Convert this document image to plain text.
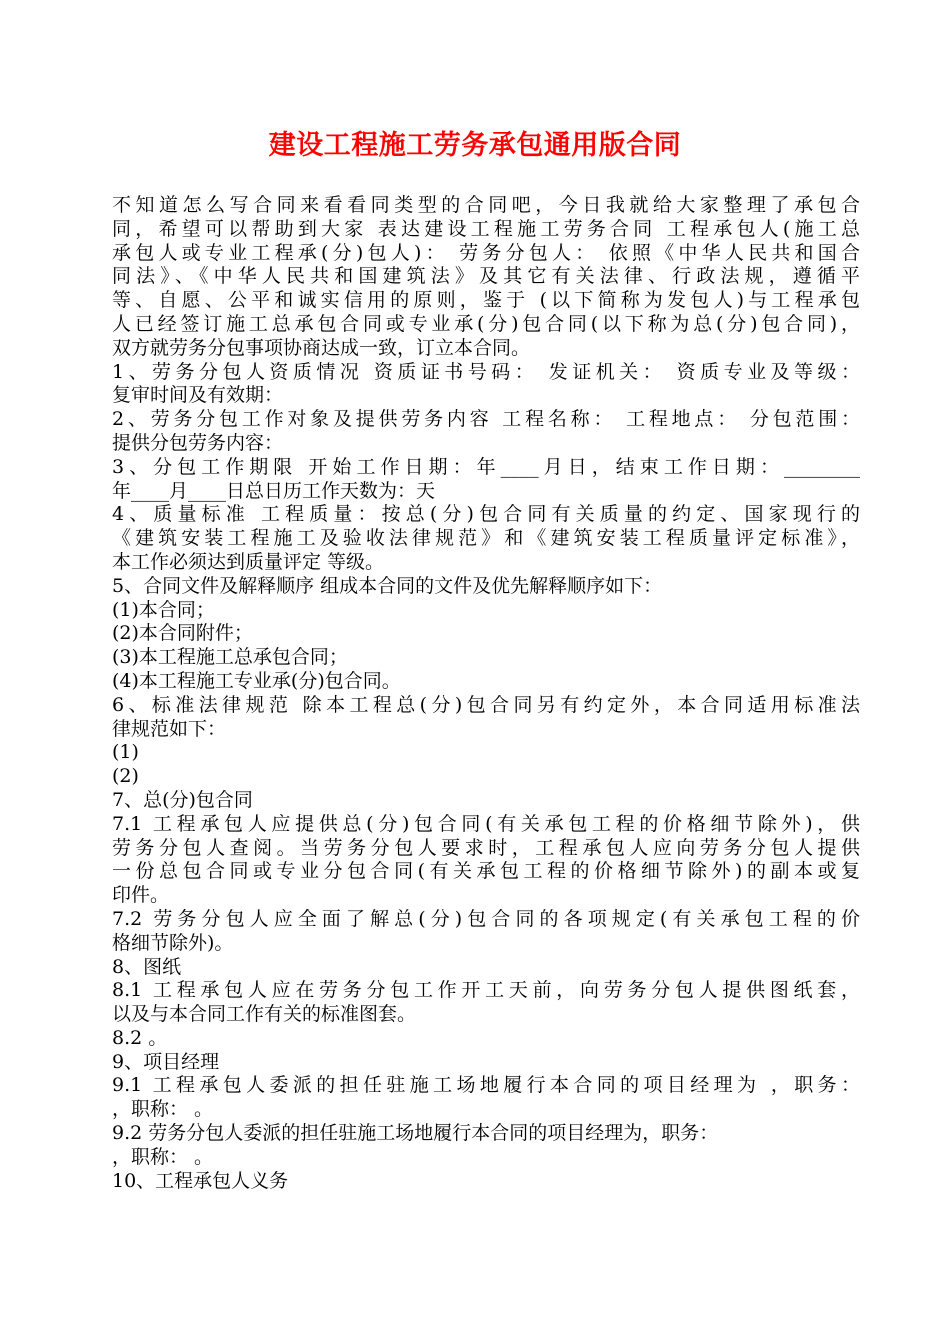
建设工程施工劳务承包通用版合同
不知道怎么写合同来看看同类型的合同吧，今日我就给大家整理了承包合
同，希望可以帮助到大家 表达建设工程施工劳务合同 工程承包人(施工总
承包人或专业工程承(分)包人)： 劳务分包人： 依照《中华人民共和国合
同法》、《中华人民共和国建筑法》及其它有关法律、行政法规，遵循平
等、自愿、公平和诚实信用的原则，鉴于 (以下简称为发包人)与工程承包
人已经签订施工总承包合同或专业承(分)包合同(以下称为总(分)包合同)，
双方就劳务分包事项协商达成一致，订立本合同。
1、劳务分包人资质情况 资质证书号码： 发证机关： 资质专业及等级：
复审时间及有效期：
2、劳务分包工作对象及提供劳务内容 工程名称： 工程地点： 分包范围：
提供分包劳务内容：
3、分包工作期限 开始工作日期：年____月日，结束工作日期：________
年____月____日总日历工作天数为：天
4、质量标准 工程质量：按总(分)包合同有关质量的约定、国家现行的
《建筑安装工程施工及验收法律规范》和《建筑安装工程质量评定标准》，
本工作必须达到质量评定 等级。
5、合同文件及解释顺序 组成本合同的文件及优先解释顺序如下：
(1)本合同；
(2)本合同附件；
(3)本工程施工总承包合同；
(4)本工程施工专业承(分)包合同。
6、标准法律规范 除本工程总(分)包合同另有约定外，本合同适用标准法
律规范如下：
(1)
(2)
7、总(分)包合同
7.1 工程承包人应提供总(分)包合同(有关承包工程的价格细节除外)，供
劳务分包人查阅。当劳务分包人要求时，工程承包人应向劳务分包人提供
一份总包合同或专业分包合同(有关承包工程的价格细节除外)的副本或复
印件。
7.2 劳务分包人应全面了解总(分)包合同的各项规定(有关承包工程的价
格细节除外)。
8、图纸
8.1 工程承包人应在劳务分包工作开工天前，向劳务分包人提供图纸套，
以及与本合同工作有关的标准图套。
8.2 。
9、项目经理
9.1 工程承包人委派的担任驻施工场地履行本合同的项目经理为 ，职务：
，职称： 。
9.2 劳务分包人委派的担任驻施工场地履行本合同的项目经理为，职务：
，职称： 。
10、工程承包人义务
